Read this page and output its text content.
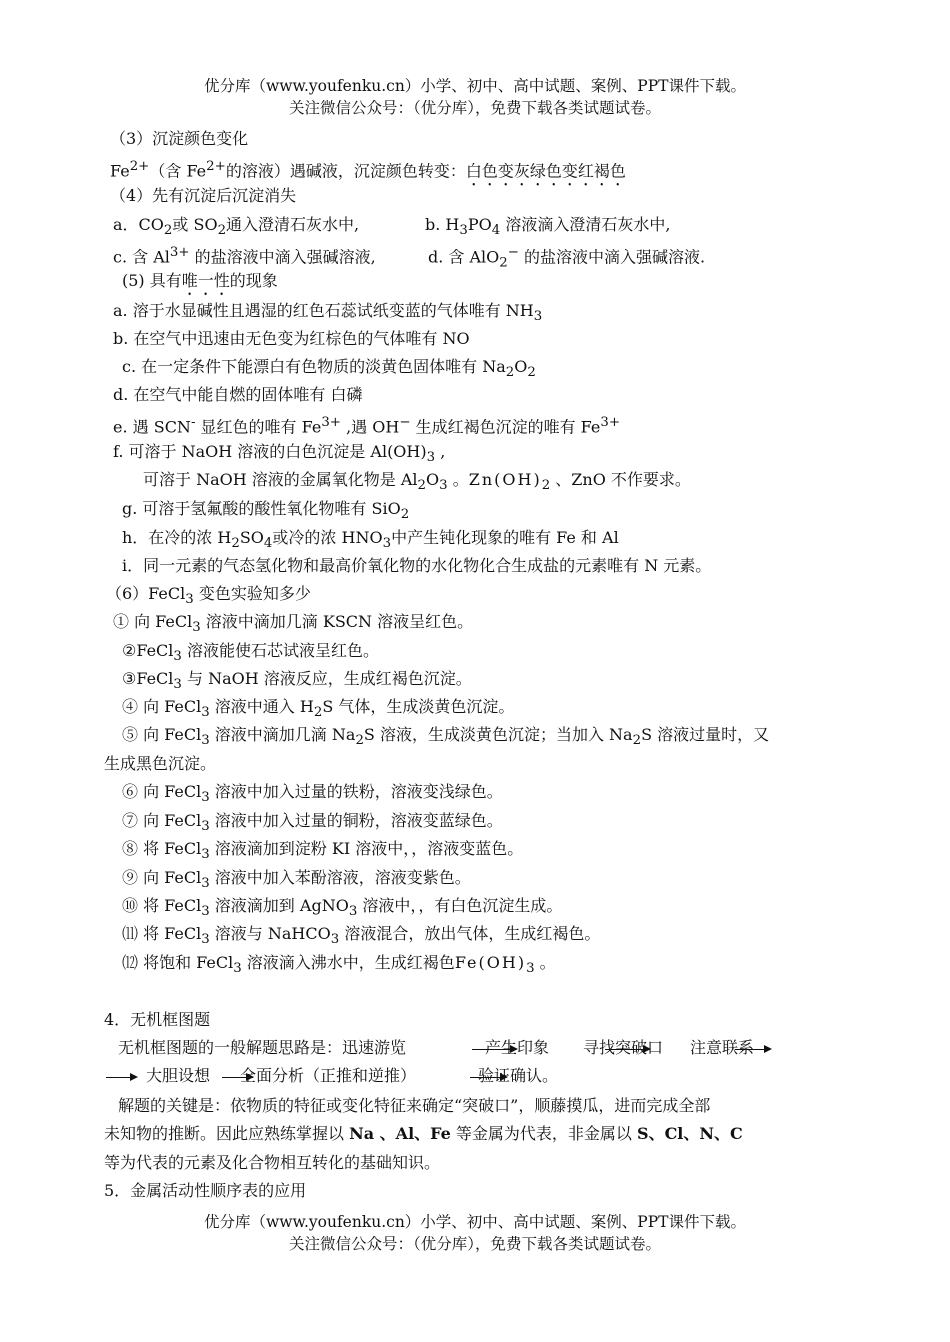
优分库（www.youfenku.cn）小学、初中、高中试题、案例、PPT课件下载。
关注微信公众号：（优分库），免费下载各类试题试卷。
（3）沉淀颜色变化
$Fe^{2+}$（含 $Fe^{2+}$的溶液）遇碱液，沉淀颜色转变：白色变灰绿色变红褐色
（4）先有沉淀后沉淀消失
a．$CO_2$或 $SO_2$通入澄清石灰水中,	b. $H_3PO_4$ 溶液滴入澄清石灰水中,
c. 含 $Al^{3+}$ 的盐溶液中滴入强碱溶液,	d. 含 AlO$_2$− 的盐溶液中滴入强碱溶液.
(5) 具有唯一性的现象
a. 溶于水显碱性且遇湿的红色石蕊试纸变蓝的气体唯有 $NH_3$
b. 在空气中迅速由无色变为红棕色的气体唯有 NO
c. 在一定条件下能漂白有色物质的淡黄色固体唯有 $Na_2O_2$
d. 在空气中能自燃的固体唯有 白磷
e. 遇 SCN- 显红色的唯有 $Fe^{3+}$ ,遇 OH− 生成红褐色沉淀的唯有 $Fe^{3+}$
f. 可溶于 NaOH 溶液的白色沉淀是 $Al(OH)_3$ ,
可溶于 NaOH 溶液的金属氧化物是 $Al_2O_3$ 。$Zn(OH)_2$ 、ZnO 不作要求。
g. 可溶于氢氟酸的酸性氧化物唯有 SiO$_2$
h．在冷的浓 $H_2SO_4$或冷的浓 $HNO_3$中产生钝化现象的唯有 Fe 和 Al
i．同一元素的气态氢化物和最高价氧化物的水化物化合生成盐的元素唯有 N 元素。
（6）FeCl$_3$ 变色实验知多少
① 向 FeCl$_3$ 溶液中滴加几滴 KSCN 溶液呈红色。
②FeCl$_3$ 溶液能使石芯试液呈红色。
③FeCl$_3$ 与 NaOH 溶液反应，生成红褐色沉淀。
④ 向 FeCl$_3$ 溶液中通入 $H_2S$ 气体，生成淡黄色沉淀。
⑤ 向 FeCl$_3$ 溶液中滴加几滴 $Na_2S$ 溶液，生成淡黄色沉淀；当加入 $Na_2S$ 溶液过量时，又
生成黑色沉淀。
⑥ 向 FeCl$_3$ 溶液中加入过量的铁粉，溶液变浅绿色。
⑦ 向 FeCl$_3$ 溶液中加入过量的铜粉，溶液变蓝绿色。
⑧ 将 FeCl$_3$ 溶液滴加到淀粉 KI 溶液中，，溶液变蓝色。
⑨ 向 FeCl$_3$ 溶液中加入苯酚溶液，溶液变紫色。
⑩ 将 FeCl$_3$ 溶液滴加到 AgNO$_3$ 溶液中，，有白色沉淀生成。
⑾ 将 FeCl$_3$ 溶液与 NaHCO$_3$ 溶液混合，放出气体，生成红褐色。
⑿ 将饱和 FeCl$_3$ 溶液滴入沸水中，生成红褐色$Fe(OH)_3$ 。
4．无机框图题
无机框图题的一般解题思路是：迅速游览	产生印象 寻找突破口 注意联系
大胆设想 全面分析（正推和逆推）	验证确认。
解题的关键是：依物质的特征或变化特征来确定“突破口”，顺藤摸瓜，进而完成全部
未知物的推断。因此应熟练掌握以 Na 、Al、Fe 等金属为代表，非金属以 S、Cl、N、C
等为代表的元素及化合物相互转化的基础知识。
5．金属活动性顺序表的应用
优分库（www.youfenku.cn）小学、初中、高中试题、案例、PPT课件下载。
关注微信公众号：（优分库），免费下载各类试题试卷。
